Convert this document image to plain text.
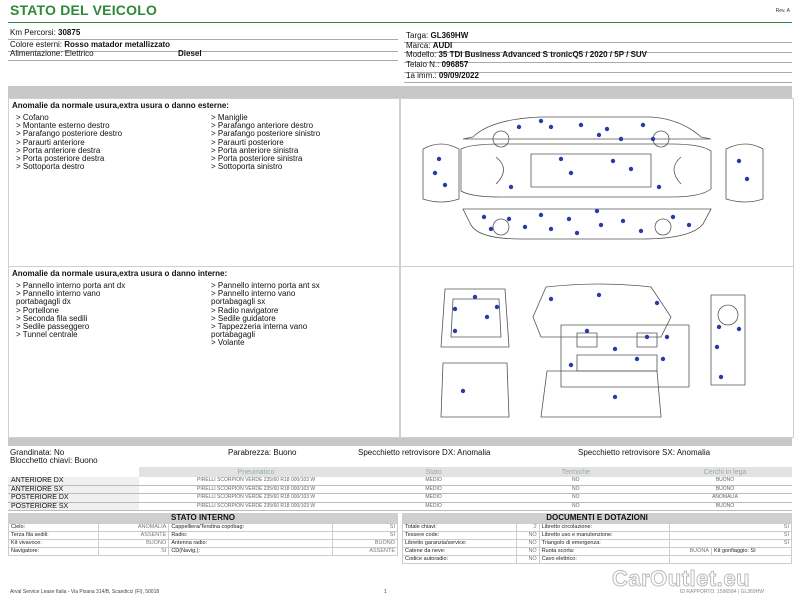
STATO DEL VEICOLO	Rev. A
Km Percorsi: 30875
Colore esterni: Rosso matador metallizzato
Alimentazione: Elettrico	Diesel
Targa: GL369HW
Marca: AUDI
Modello: 35 TDI Business Advanced S tronicQ5 / 2020 / 5P / SUV
Telaio N.: 096857
1a imm.: 09/09/2022
Anomalie da normale usura,extra usura o danno esterne:
> Cofano
> Montante esterno destro
> Parafango posteriore destro
> Paraurti anteriore
> Porta anteriore destra
> Porta posteriore destra
> Sottoporta destro
> Maniglie
> Parafango anteriore destro
> Parafango posteriore sinistro
> Paraurti posteriore
> Porta anteriore sinistra
> Porta posteriore sinistra
> Sottoporta sinistro
Anomalie da normale usura,extra usura o danno interne:
> Pannello interno porta ant dx
> Pannello interno vano
portabagagli dx
> Portellone
> Seconda fila sedili
> Sedile passeggero
> Tunnel centrale
> Pannello interno porta ant sx
> Pannello interno vano
portabagagli sx
> Radio navigatore
> Sedile guidatore
> Tappezzeria interna vano
portabagagli
> Volante
Grandinata: No	Parabrezza: Buono	Specchietto retrovisore DX: Anomalia	Specchietto retrovisore SX: Anomalia
Blocchetto chiavi: Buono
	Pneumatico	Stato	Termiche	Cerchi in lega
ANTERIORE DX	PIRELLI SCORPION VERDE 235/60 R18 000/103 W	MEDIO	NO	BUONO
ANTERIORE SX	PIRELLI SCORPION VERDE 235/60 R18 000/103 W	MEDIO	NO	BUONO
POSTERIORE DX	PIRELLI SCORPION VERDE 235/60 R18 000/103 W	MEDIO	NO	ANOMALIA
POSTERIORE SX	PIRELLI SCORPION VERDE 235/60 R18 000/103 W	MEDIO	NO	BUONO
STATO INTERNO
Cielo:	ANOMALIA	Cappelliera/Tendina copribag:	SI
Terza fila sedili:	ASSENTE	Radio:	SI
Kit vivavoce:	BUONO	Antenna radio:	BUONO
Navigatore:	SI	CD(Navig.):	ASSENTE
DOCUMENTI E DOTAZIONI
Totale chiavi:	2	Libretto circolazione:	SI	
Tessere code:	NO	Libretto uso e manutenzione:	SI	
Libretto garanzia/service:	NO	Triangolo di emergenza:	SI	
Catene da neve:	NO	Ruota scorta:	BUONA	Kit gonfiaggio: SI
Codice autoradio:	NO	Cavo elettrico:		
Arval Service Lease Italia - Via Pisana 314/B, Scandicci (FI), 50018	1	ID RAPPORTO: 1596584 | GL369HW
CarOutlet.eu
